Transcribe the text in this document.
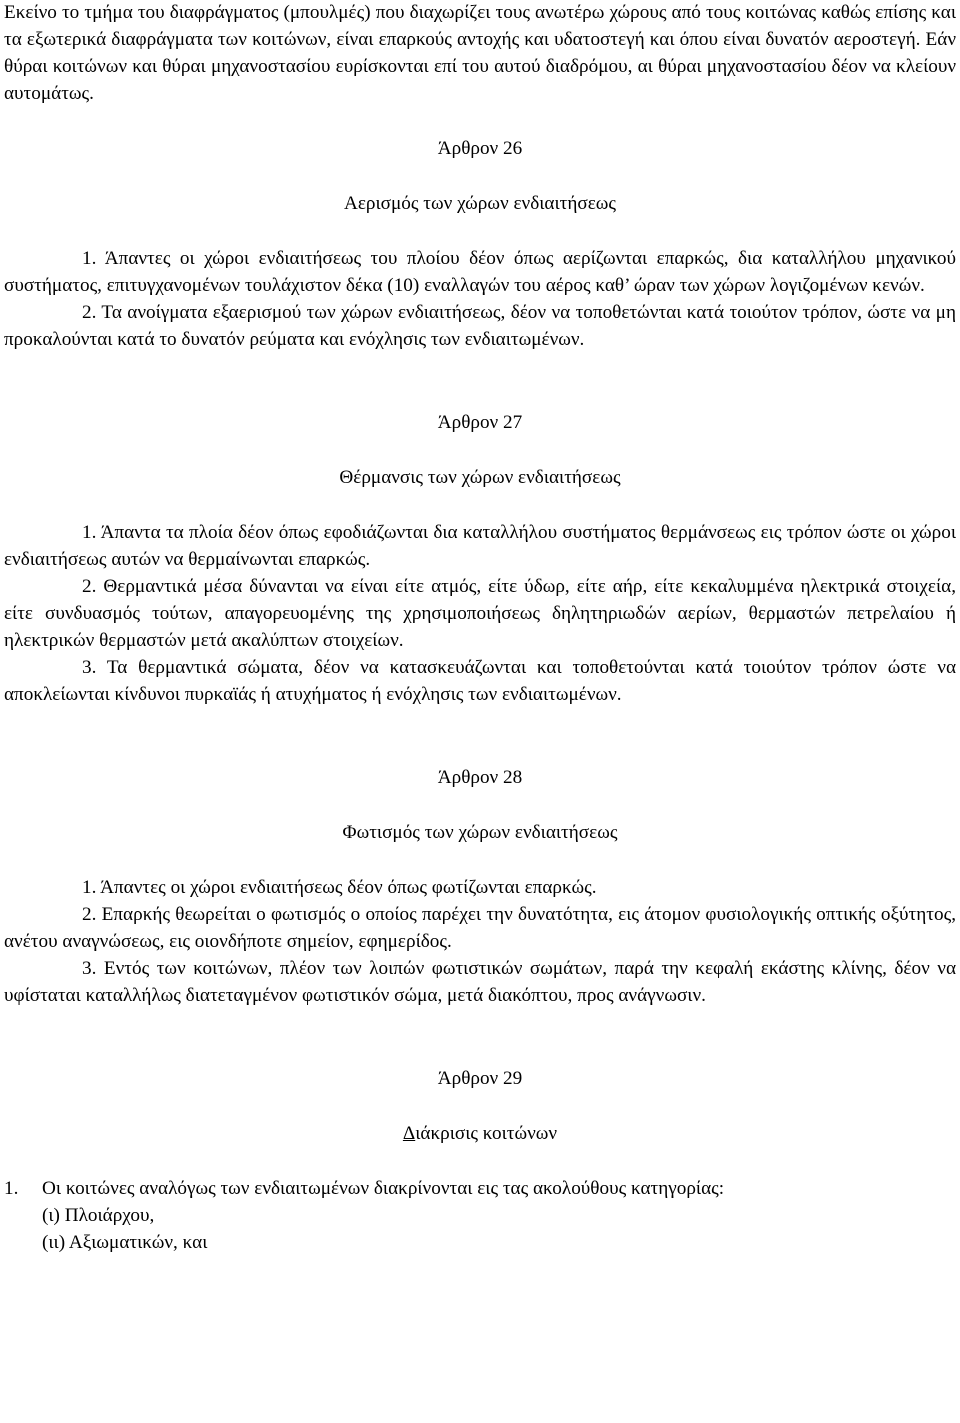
Εκείνο το τμήμα του διαφράγματος (μπουλμές) που διαχωρίζει τους ανωτέρω χώρους από τους κοιτώνας καθώς επίσης και τα εξωτερικά διαφράγματα των κοιτώνων, είναι επαρκούς αντοχής και υδατοστεγή και όπου είναι δυνατόν αεροστεγή. Εάν θύραι κοιτώνων και θύραι μηχανοστασίου ευρίσκονται επί του αυτού διαδρόμου, αι θύραι μηχανοστασίου δέον να κλείουν αυτομάτως.

Άρθρον 26

Αερισμός των χώρων ενδιαιτήσεως

1. Άπαντες οι χώροι ενδιαιτήσεως του πλοίου δέον όπως αερίζωνται επαρκώς, δια καταλλήλου μηχανικού συστήματος, επιτυγχανομένων τουλάχιστον δέκα (10) εναλλαγών του αέρος καθ’ ώραν των χώρων λογιζομένων κενών.

2. Τα ανοίγματα εξαερισμού των χώρων ενδιαιτήσεως, δέον να τοποθετώνται κατά τοιούτον τρόπον, ώστε να μη προκαλούνται κατά το δυνατόν ρεύματα και ενόχλησις των ενδιαιτωμένων.

Άρθρον 27

Θέρμανσις των χώρων ενδιαιτήσεως

1. Άπαντα τα πλοία δέον όπως εφοδιάζωνται δια καταλλήλου συστήματος θερμάνσεως εις τρόπον ώστε οι χώροι ενδιαιτήσεως αυτών να θερμαίνωνται επαρκώς.

2. Θερμαντικά μέσα δύνανται να είναι είτε ατμός, είτε ύδωρ, είτε αήρ, είτε κεκαλυμμένα ηλεκτρικά στοιχεία, είτε συνδυασμός τούτων, απαγορευομένης της χρησιμοποιήσεως δηλητηριωδών αερίων, θερμαστών πετρελαίου ή ηλεκτρικών θερμαστών μετά ακαλύπτων στοιχείων.

3. Τα θερμαντικά σώματα, δέον να κατασκευάζωνται και τοποθετούνται κατά τοιούτον τρόπον ώστε να αποκλείωνται κίνδυνοι πυρκαϊάς ή ατυχήματος ή ενόχλησις των ενδιαιτωμένων.

Άρθρον 28

Φωτισμός των χώρων ενδιαιτήσεως

1. Άπαντες οι χώροι ενδιαιτήσεως δέον όπως φωτίζωνται επαρκώς.

2. Επαρκής θεωρείται ο φωτισμός ο οποίος παρέχει την δυνατότητα, εις άτομον φυσιολογικής οπτικής οξύτητος, ανέτου αναγνώσεως, εις οιονδήποτε σημείον, εφημερίδος.

3. Εντός των κοιτώνων, πλέον των λοιπών φωτιστικών σωμάτων, παρά την κεφαλή εκάστης κλίνης, δέον να υφίσταται καταλλήλως διατεταγμένον φωτιστικόν σώμα, μετά διακόπτου, προς ανάγνωσιν.

Άρθρον 29

Διάκρισις κοιτώνων

1. Οι κοιτώνες αναλόγως των ενδιαιτωμένων διακρίνονται εις τας ακολούθους κατηγορίας:

(ι) Πλοιάρχου,

(ιι) Αξιωματικών, και
